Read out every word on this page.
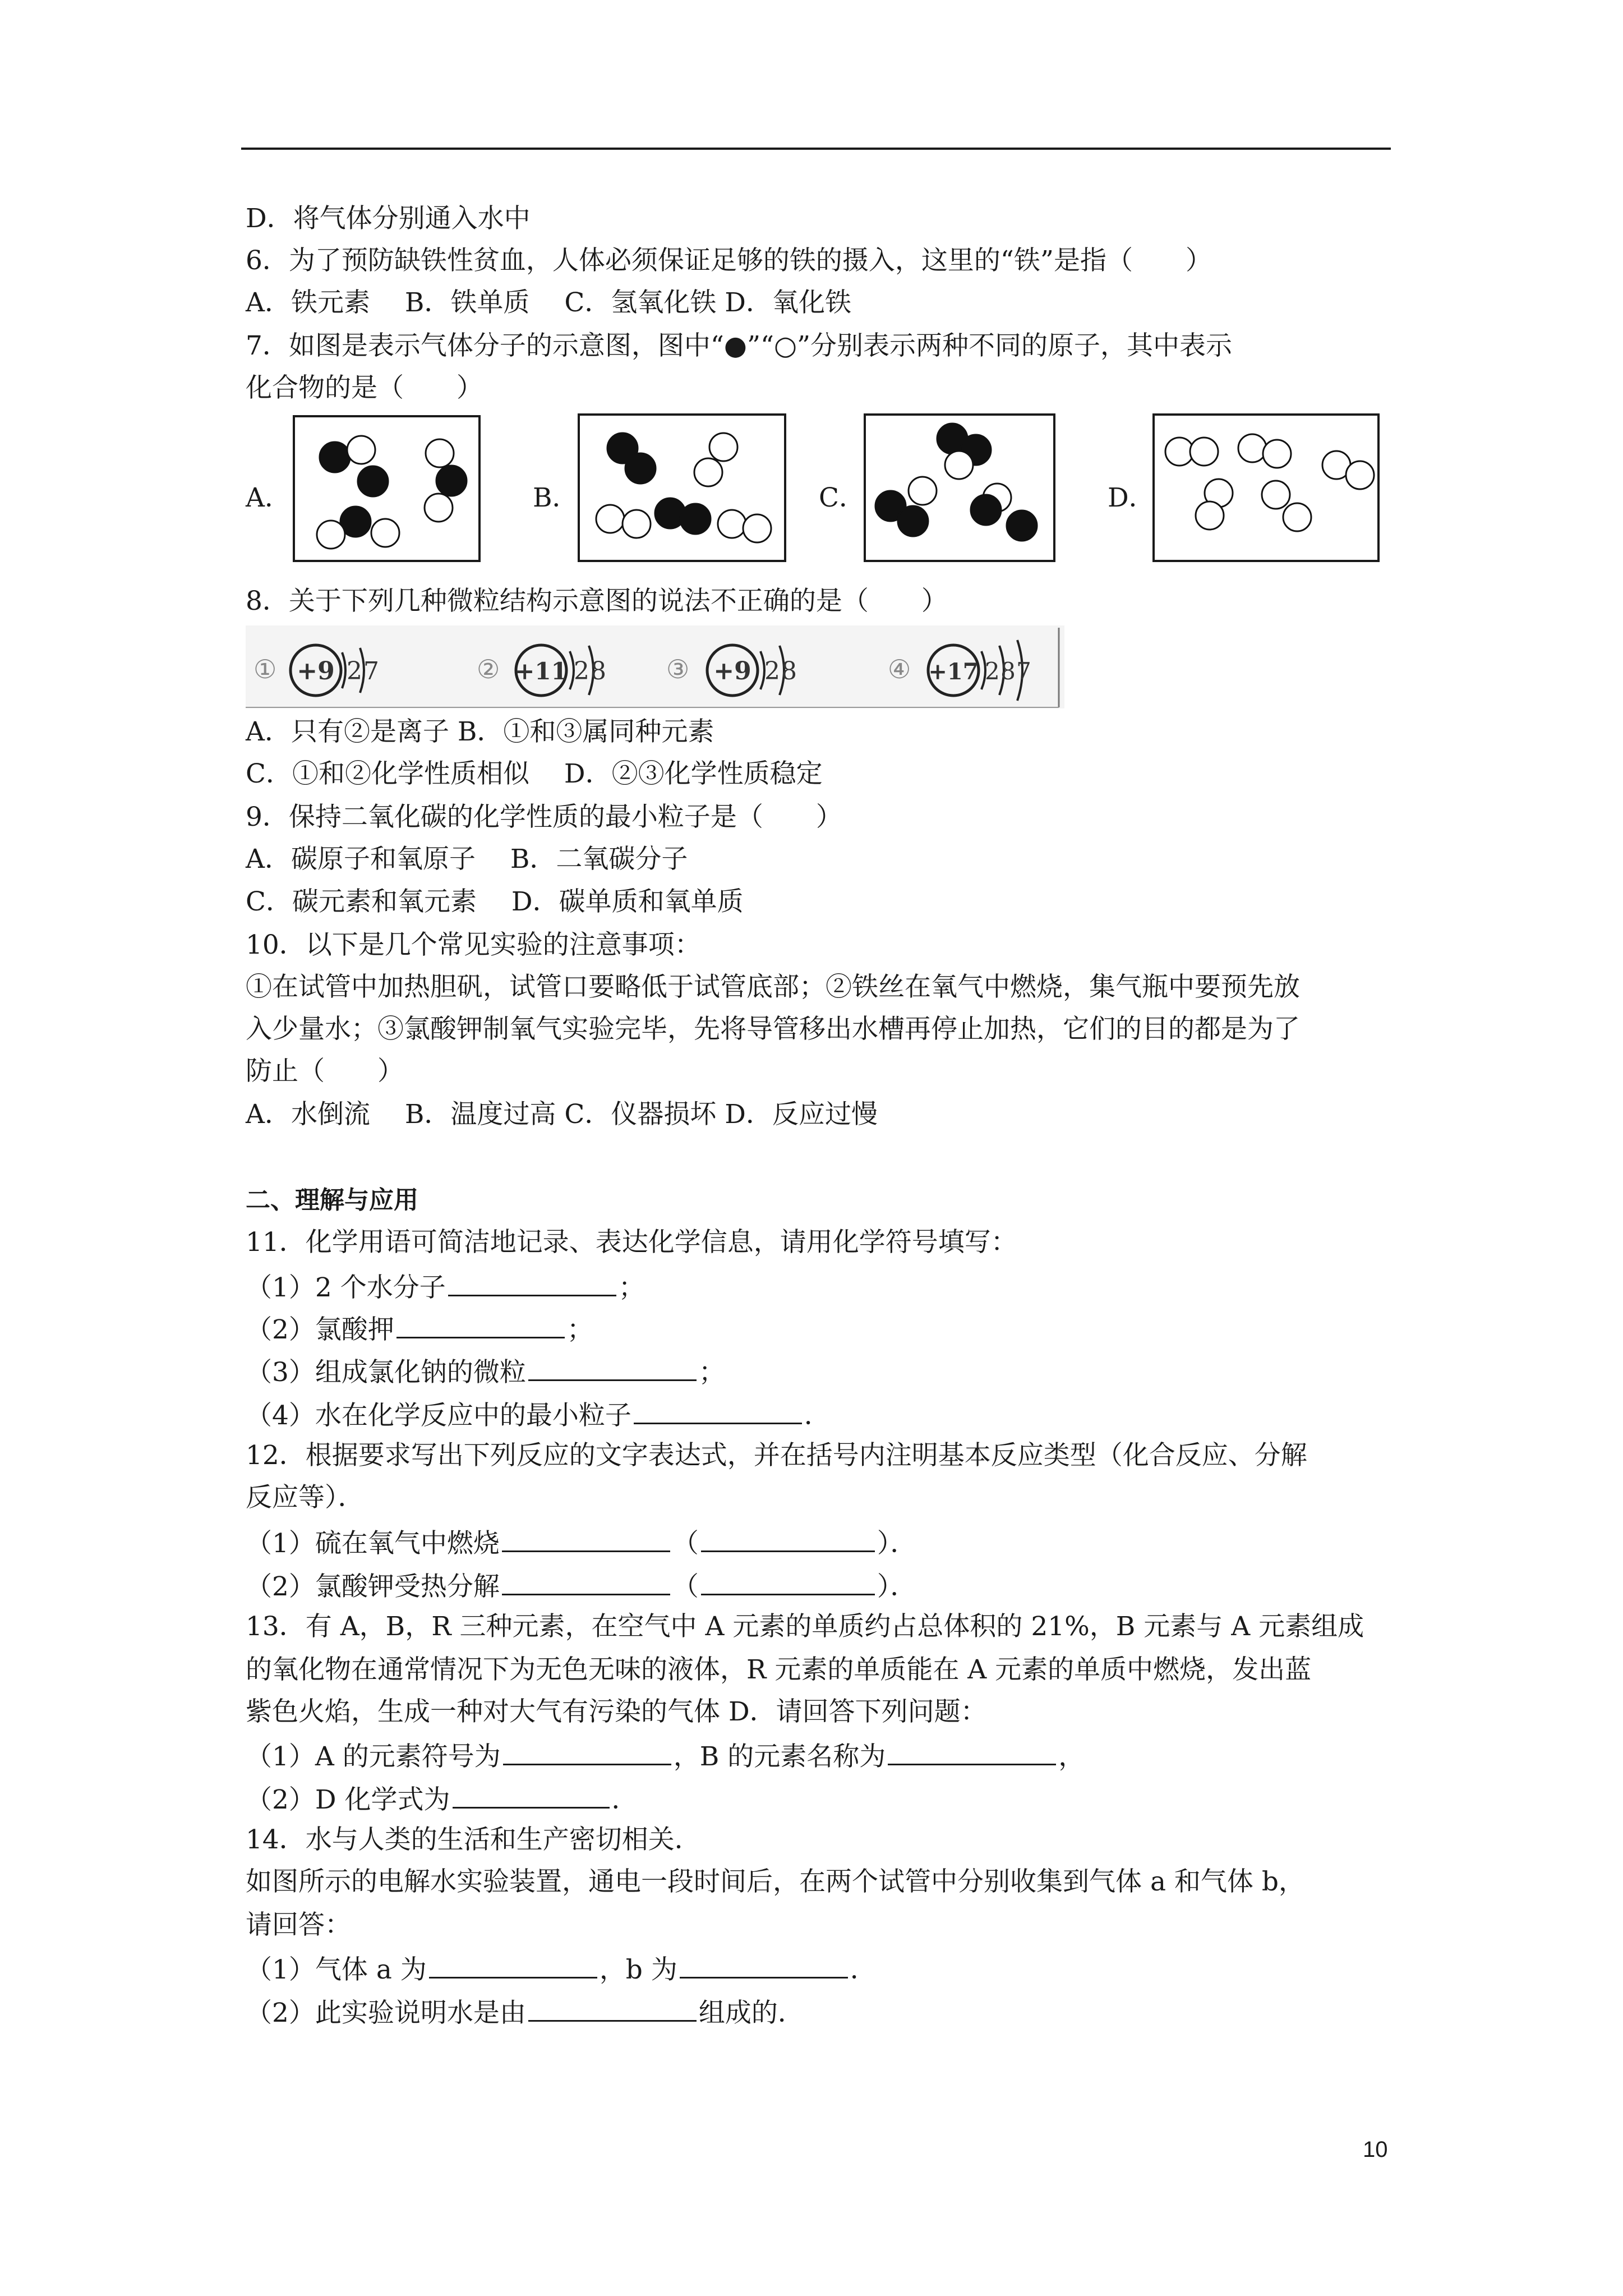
D．将气体分别通入水中
6．为了预防缺铁性贫血，人体必须保证足够的铁的摄入，这里的“铁”是指（　　）
A．铁元素　 B．铁单质　 C．氢氧化铁 D．氧化铁
7．如图是表示气体分子的示意图，图中“●”“○”分别表示两种不同的原子，其中表示
化合物的是（　　）
A．	B．	C．	D．
8．关于下列几种微粒结构示意图的说法不正确的是（　　）
① +9 2 7	② +11 2 8 ③ +9 2 8	④ +17 2 8 7
A．只有②是离子 B．①和③属同种元素
C．①和②化学性质相似　 D．②③化学性质稳定
9．保持二氧化碳的化学性质的最小粒子是（　　）
A．碳原子和氧原子　 B．二氧碳分子
C．碳元素和氧元素　 D．碳单质和氧单质
10．以下是几个常见实验的注意事项：
①在试管中加热胆矾，试管口要略低于试管底部；②铁丝在氧气中燃烧，集气瓶中要预先放
入少量水；③氯酸钾制氧气实验完毕，先将导管移出水槽再停止加热，它们的目的都是为了
防止（　　）
A．水倒流　 B．温度过高 C．仪器损坏 D．反应过慢
二、理解与应用
11．化学用语可简洁地记录、表达化学信息，请用化学符号填写：
（1）2 个水分子	；
（2）氯酸押	；
（3）组成氯化钠的微粒	；
（4）水在化学反应中的最小粒子	．
12．根据要求写出下列反应的文字表达式，并在括号内注明基本反应类型（化合反应、分解
反应等）．
（1）硫在氧气中燃烧	（	）．
（2）氯酸钾受热分解	（	）．
13．有 A，B，R 三种元素，在空气中 A 元素的单质约占总体积的 21%，B 元素与 A 元素组成
的氧化物在通常情况下为无色无味的液体，R 元素的单质能在 A 元素的单质中燃烧，发出蓝
紫色火焰，生成一种对大气有污染的气体 D．请回答下列问题：
（1）A 的元素符号为	，B 的元素名称为	，
（2）D 化学式为	．
14．水与人类的生活和生产密切相关．
如图所示的电解水实验装置，通电一段时间后，在两个试管中分别收集到气体 a 和气体 b，
请回答：
（1）气体 a 为	，b 为	．
（2）此实验说明水是由	组成的．
10
